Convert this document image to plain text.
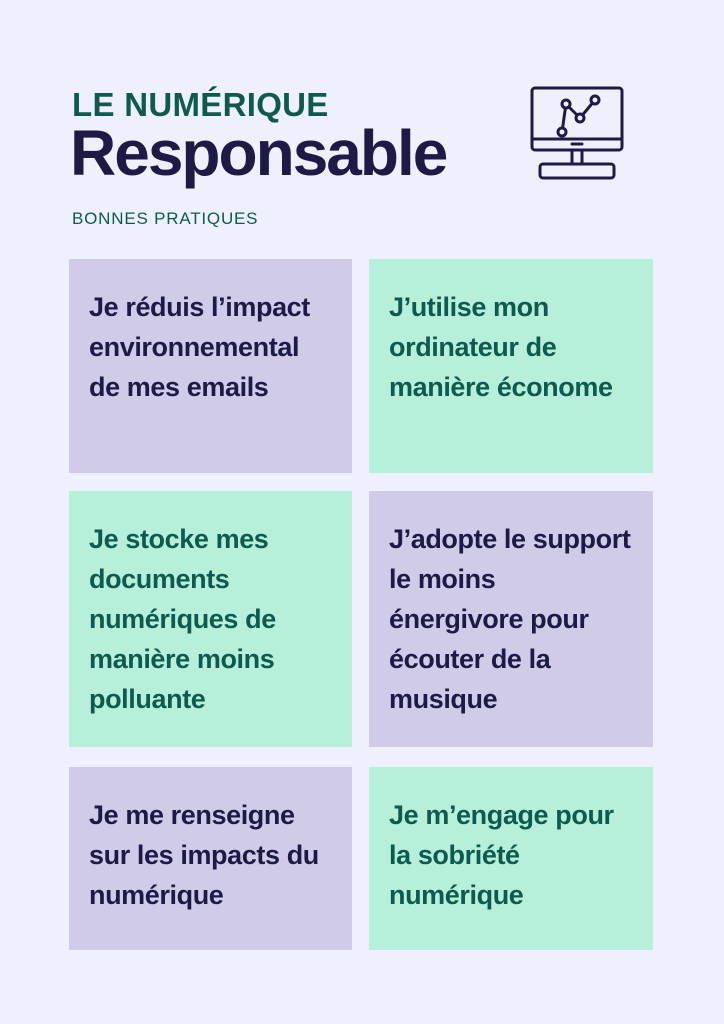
LE NUMÉRIQUE
Responsable
BONNES PRATIQUES
Je réduis l’impact environnemental de mes emails
J’utilise mon ordinateur de manière économe
Je stocke mes documents numériques de manière moins polluante
J’adopte le support le moins énergivore pour écouter de la musique
Je me renseigne sur les impacts du numérique
Je m’engage pour la sobriété numérique
